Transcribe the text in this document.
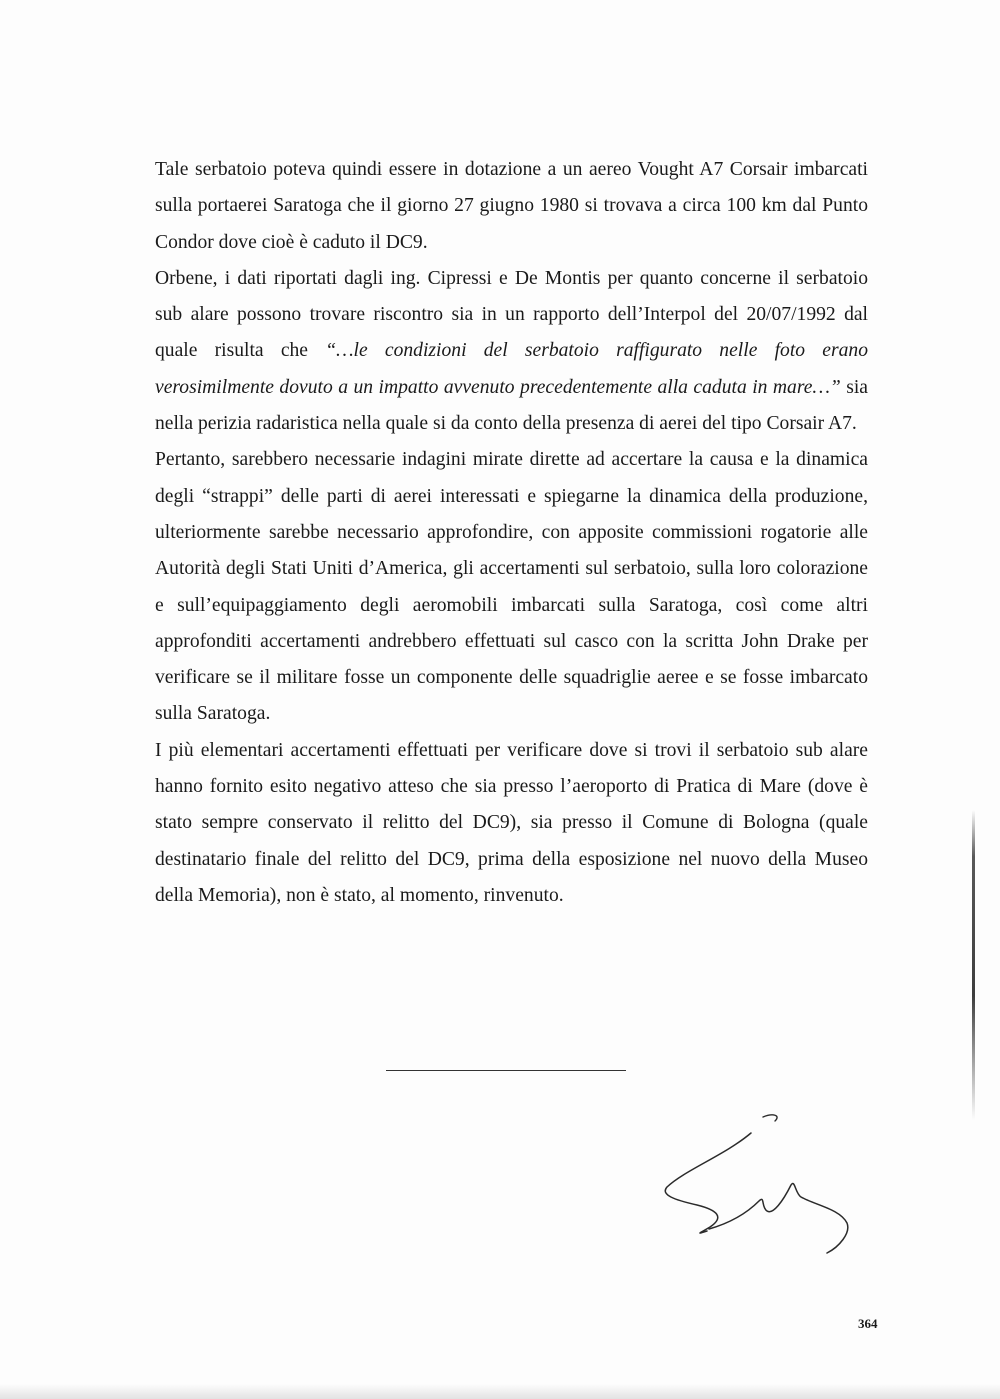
Tale serbatoio poteva quindi essere in dotazione a un aereo Vought A7 Corsair imbarcati sulla portaerei Saratoga che il giorno 27 giugno 1980 si trovava a circa 100 km dal Punto Condor dove cioè è caduto il DC9.

Orbene, i dati riportati dagli ing. Cipressi e De Montis per quanto concerne il serbatoio sub alare possono trovare riscontro sia in un rapporto dell’Interpol del 20/07/1992 dal quale risulta che “…le condizioni del serbatoio raffigurato nelle foto erano verosimilmente dovuto a un impatto avvenuto precedentemente alla caduta in mare…” sia nella perizia radaristica nella quale si da conto della presenza di aerei del tipo Corsair A7.

Pertanto, sarebbero necessarie indagini mirate dirette ad accertare la causa e la dinamica degli “strappi” delle parti di aerei interessati e spiegarne la dinamica della produzione, ulteriormente sarebbe necessario approfondire, con apposite commissioni rogatorie alle Autorità degli Stati Uniti d’America, gli accertamenti sul serbatoio, sulla loro colorazione e sull’equipaggiamento degli aeromobili imbarcati sulla Saratoga, così come altri approfonditi accertamenti andrebbero effettuati sul casco con la scritta John Drake per verificare se il militare fosse un componente delle squadriglie aeree e se fosse imbarcato sulla Saratoga.

I più elementari accertamenti effettuati per verificare dove si trovi il serbatoio sub alare hanno fornito esito negativo atteso che sia presso l’aeroporto di Pratica di Mare (dove è stato sempre conservato il relitto del DC9), sia presso il Comune di Bologna (quale destinatario finale del relitto del DC9, prima della esposizione nel nuovo della Museo della Memoria), non è stato, al momento, rinvenuto.

364
